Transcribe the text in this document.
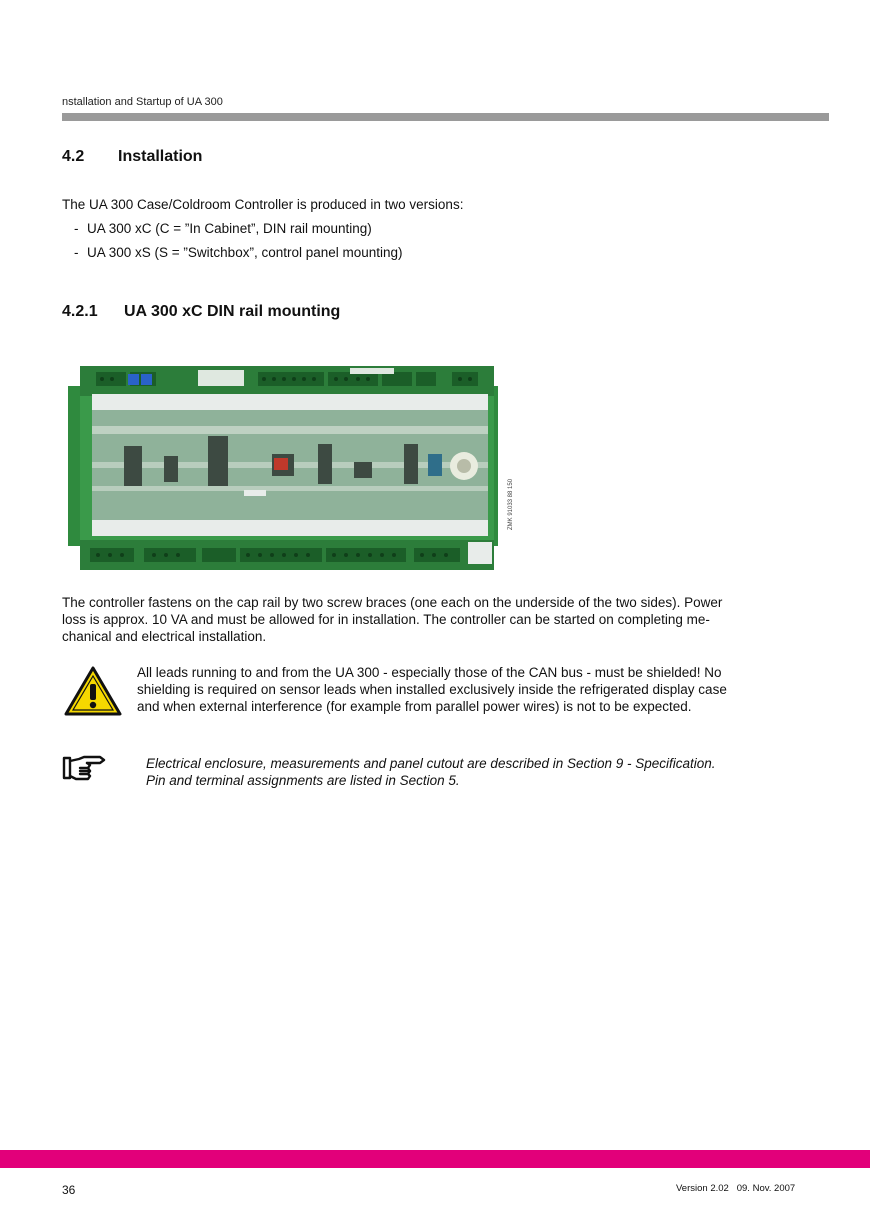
nstallation and Startup of UA 300
4.2 Installation
The UA 300 Case/Coldroom Controller is produced in two versions:
- UA 300 xC (C = ”In Cabinet”, DIN rail mounting)
- UA 300 xS (S = ”Switchbox”, control panel mounting)
4.2.1 UA 300 xC DIN rail mounting
ZMK 91033 88 150
The controller fastens on the cap rail by two screw braces (one each on the underside of the two sides). Power
loss is approx. 10 VA and must be allowed for in installation. The controller can be started on completing me-
chanical and electrical installation.
All leads running to and from the UA 300 - especially those of the CAN bus - must be shielded! No
shielding is required on sensor leads when installed exclusively inside the refrigerated display case
and when external interference (for example from parallel power wires) is not to be expected.
Electrical enclosure, measurements and panel cutout are described in Section 9 - Specification.
Pin and terminal assignments are listed in Section 5.
36	Version 2.02   09. Nov. 2007
